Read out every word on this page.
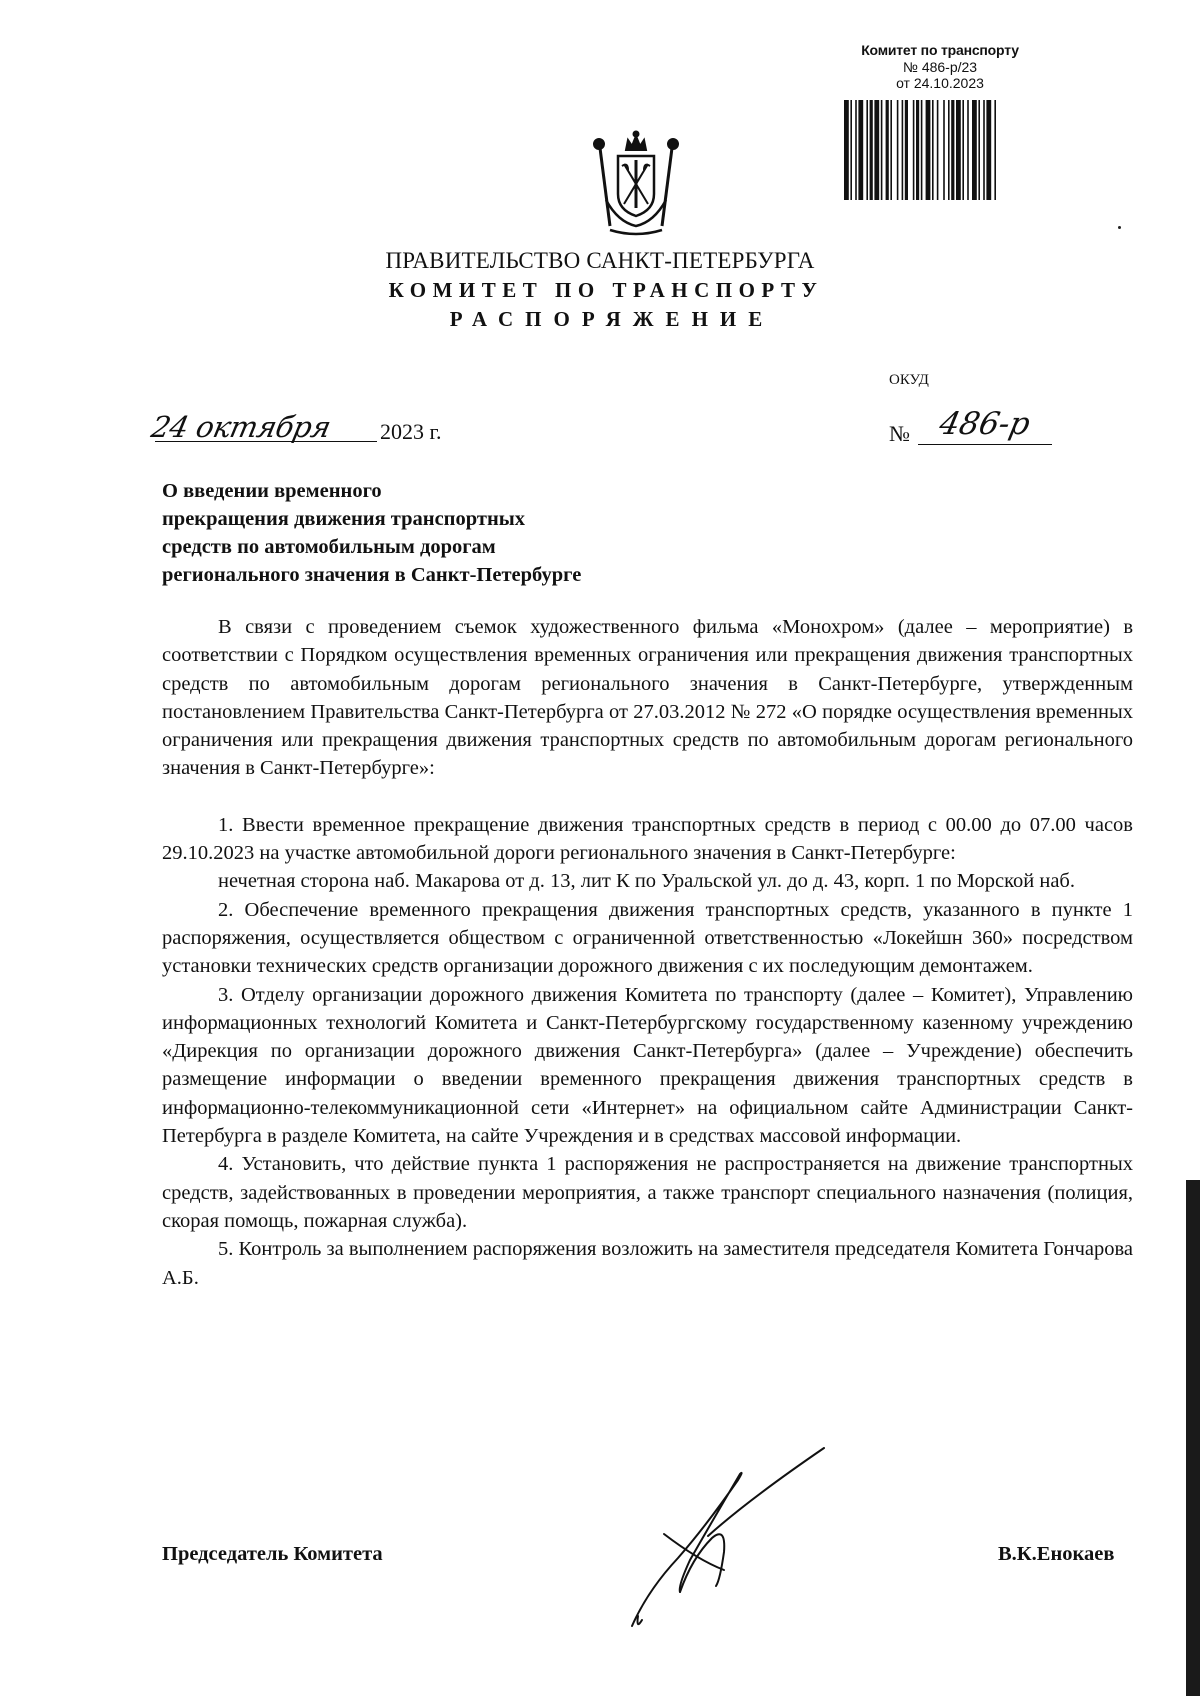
Комитет по транспорту
№ 486-р/23
от 24.10.2023
ПРАВИТЕЛЬСТВО САНКТ-ПЕТЕРБУРГА
КОМИТЕТ ПО ТРАНСПОРТУ
РАСПОРЯЖЕНИЕ
ОКУД
24 октября 2023 г.	№ 486-р
О введении временного
прекращения движения транспортных
средств по автомобильным дорогам
регионального значения в Санкт-Петербурге

В связи с проведением съемок художественного фильма «Монохром» (далее – мероприятие) в соответствии с Порядком осуществления временных ограничения или прекращения движения транспортных средств по автомобильным дорогам регионального значения в Санкт-Петербурге, утвержденным постановлением Правительства Санкт-Петербурга от 27.03.2012 № 272 «О порядке осуществления временных ограничения или прекращения движения транспортных средств по автомобильным дорогам регионального значения в Санкт-Петербурге»:

1. Ввести временное прекращение движения транспортных средств в период с 00.00 до 07.00 часов 29.10.2023 на участке автомобильной дороги регионального значения в Санкт-Петербурге:

нечетная сторона наб. Макарова от д. 13, лит К по Уральской ул. до д. 43, корп. 1 по Морской наб.

2. Обеспечение временного прекращения движения транспортных средств, указанного в пункте 1 распоряжения, осуществляется обществом с ограниченной ответственностью «Локейшн 360» посредством установки технических средств организации дорожного движения с их последующим демонтажем.

3. Отделу организации дорожного движения Комитета по транспорту (далее – Комитет), Управлению информационных технологий Комитета и Санкт-Петербургскому государственному казенному учреждению «Дирекция по организации дорожного движения Санкт-Петербурга» (далее – Учреждение) обеспечить размещение информации о введении временного прекращения движения транспортных средств в информационно-телекоммуникационной сети «Интернет» на официальном сайте Администрации Санкт-Петербурга в разделе Комитета, на сайте Учреждения и в средствах массовой информации.

4. Установить, что действие пункта 1 распоряжения не распространяется на движение транспортных средств, задействованных в проведении мероприятия, а также транспорт специального назначения (полиция, скорая помощь, пожарная служба).

5. Контроль за выполнением распоряжения возложить на заместителя председателя Комитета Гончарова А.Б.

Председатель Комитета	В.К.Енокаев
